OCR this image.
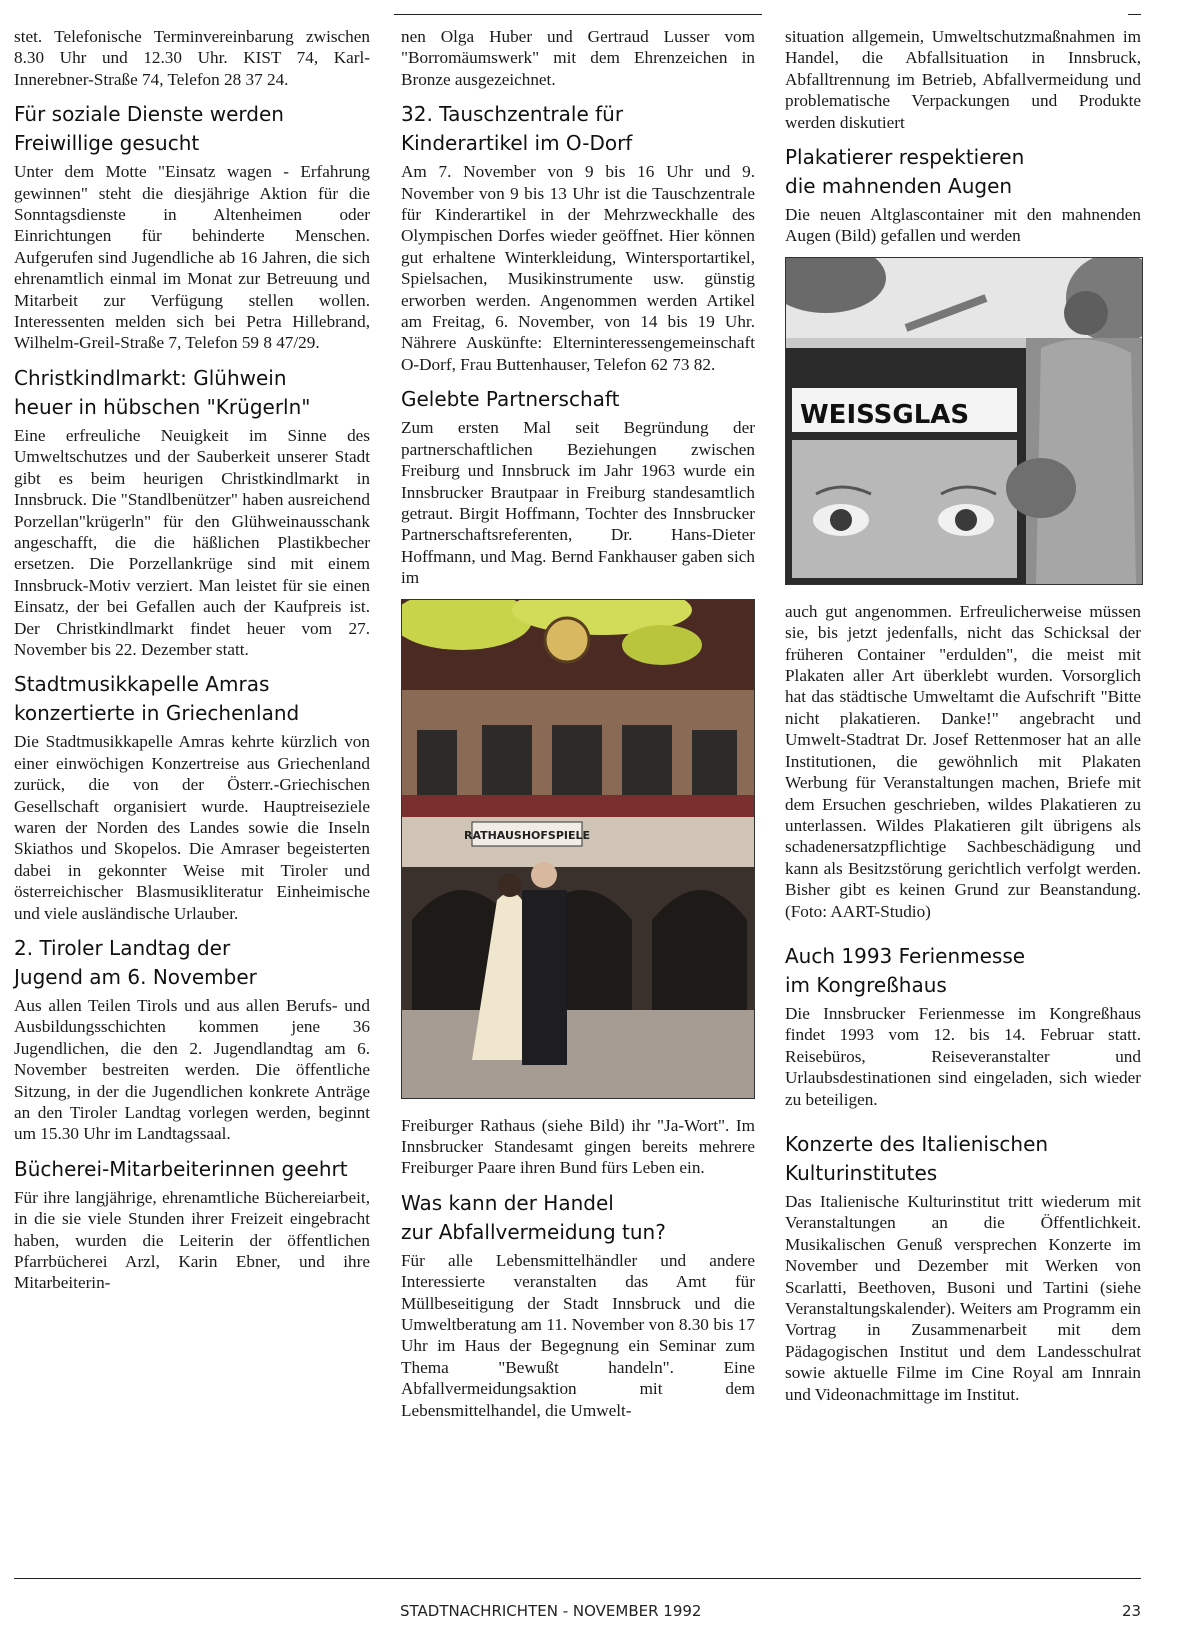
stet. Telefonische Terminvereinbarung zwischen 8.30 Uhr und 12.30 Uhr. KIST 74, Karl-Innerebner-Straße 74, Telefon 28 37 24.

Für soziale Dienste werden
Freiwillige gesucht

Unter dem Motte "Einsatz wagen - Erfahrung gewinnen" steht die diesjährige Aktion für die Sonntagsdienste in Altenheimen oder Einrichtungen für behinderte Menschen. Aufgerufen sind Jugendliche ab 16 Jahren, die sich ehrenamtlich einmal im Monat zur Betreuung und Mitarbeit zur Verfügung stellen wollen. Interessenten melden sich bei Petra Hillebrand, Wilhelm-Greil-Straße 7, Telefon 59 8 47/29.

Christkindlmarkt: Glühwein
heuer in hübschen "Krügerln"

Eine erfreuliche Neuigkeit im Sinne des Umweltschutzes und der Sauberkeit unserer Stadt gibt es beim heurigen Christkindlmarkt in Innsbruck. Die "Standlbenützer" haben ausreichend Porzellan"krügerln" für den Glühweinausschank angeschafft, die die häßlichen Plastikbecher ersetzen. Die Porzellankrüge sind mit einem Innsbruck-Motiv verziert. Man leistet für sie einen Einsatz, der bei Gefallen auch der Kaufpreis ist. Der Christkindlmarkt findet heuer vom 27. November bis 22. Dezember statt.

Stadtmusikkapelle Amras
konzertierte in Griechenland

Die Stadtmusikkapelle Amras kehrte kürzlich von einer einwöchigen Konzertreise aus Griechenland zurück, die von der Österr.-Griechischen Gesellschaft organisiert wurde. Hauptreiseziele waren der Norden des Landes sowie die Inseln Skiathos und Skopelos. Die Amraser begeisterten dabei in gekonnter Weise mit Tiroler und österreichischer Blasmusikliteratur Einheimische und viele ausländische Urlauber.

2. Tiroler Landtag der
Jugend am 6. November

Aus allen Teilen Tirols und aus allen Berufs- und Ausbildungsschichten kommen jene 36 Jugendlichen, die den 2. Jugendlandtag am 6. November bestreiten werden. Die öffentliche Sitzung, in der die Jugendlichen konkrete Anträge an den Tiroler Landtag vorlegen werden, beginnt um 15.30 Uhr im Landtagssaal.

Bücherei-Mitarbeiterinnen geehrt

Für ihre langjährige, ehrenamtliche Büchereiarbeit, in die sie viele Stunden ihrer Freizeit eingebracht haben, wurden die Leiterin der öffentlichen Pfarrbücherei Arzl, Karin Ebner, und ihre Mitarbeiterin-

nen Olga Huber und Gertraud Lusser vom "Borromäumswerk" mit dem Ehrenzeichen in Bronze ausgezeichnet.

32. Tauschzentrale für
Kinderartikel im O-Dorf

Am 7. November von 9 bis 16 Uhr und 9. November von 9 bis 13 Uhr ist die Tauschzentrale für Kinderartikel in der Mehrzweckhalle des Olympischen Dorfes wieder geöffnet. Hier können gut erhaltene Winterkleidung, Wintersportartikel, Spielsachen, Musikinstrumente usw. günstig erworben werden. Angenommen werden Artikel am Freitag, 6. November, von 14 bis 19 Uhr. Nährere Auskünfte: Elterninteressengemeinschaft O-Dorf, Frau Buttenhauser, Telefon 62 73 82.

Gelebte Partnerschaft

Zum ersten Mal seit Begründung der partnerschaftlichen Beziehungen zwischen Freiburg und Innsbruck im Jahr 1963 wurde ein Innsbrucker Brautpaar in Freiburg standesamtlich getraut. Birgit Hoffmann, Tochter des Innsbrucker Partnerschaftsreferenten, Dr. Hans-Dieter Hoffmann, und Mag. Bernd Fankhauser gaben sich im

RATHAUSHOFSPIELE

Freiburger Rathaus (siehe Bild) ihr "Ja-Wort". Im Innsbrucker Standesamt gingen bereits mehrere Freiburger Paare ihren Bund fürs Leben ein.

Was kann der Handel
zur Abfallvermeidung tun?

Für alle Lebensmittelhändler und andere Interessierte veranstalten das Amt für Müllbeseitigung der Stadt Innsbruck und die Umweltberatung am 11. November von 8.30 bis 17 Uhr im Haus der Begegnung ein Seminar zum Thema "Bewußt handeln". Eine Abfallvermeidungsaktion mit dem Lebensmittelhandel, die Umwelt-

situation allgemein, Umweltschutzmaßnahmen im Handel, die Abfallsituation in Innsbruck, Abfalltrennung im Betrieb, Abfallvermeidung und problematische Verpackungen und Produkte werden diskutiert

Plakatierer respektieren
die mahnenden Augen

Die neuen Altglascontainer mit den mahnenden Augen (Bild) gefallen und werden

WEISSGLAS

auch gut angenommen. Erfreulicherweise müssen sie, bis jetzt jedenfalls, nicht das Schicksal der früheren Container "erdulden", die meist mit Plakaten aller Art überklebt wurden. Vorsorglich hat das städtische Umweltamt die Aufschrift "Bitte nicht plakatieren. Danke!" angebracht und Umwelt-Stadtrat Dr. Josef Rettenmoser hat an alle Institutionen, die gewöhnlich mit Plakaten Werbung für Veranstaltungen machen, Briefe mit dem Ersuchen geschrieben, wildes Plakatieren zu unterlassen. Wildes Plakatieren gilt übrigens als schadenersatzpflichtige Sachbeschädigung und kann als Besitzstörung gerichtlich verfolgt werden. Bisher gibt es keinen Grund zur Beanstandung. (Foto: AART-Studio)

Auch 1993 Ferienmesse
im Kongreßhaus

Die Innsbrucker Ferienmesse im Kongreßhaus findet 1993 vom 12. bis 14. Februar statt. Reisebüros, Reiseveranstalter und Urlaubsdestinationen sind eingeladen, sich wieder zu beteiligen.

Konzerte des Italienischen
Kulturinstitutes

Das Italienische Kulturinstitut tritt wiederum mit Veranstaltungen an die Öffentlichkeit. Musikalischen Genuß versprechen Konzerte im November und Dezember mit Werken von Scarlatti, Beethoven, Busoni und Tartini (siehe Veranstaltungskalender). Weiters am Programm ein Vortrag in Zusammenarbeit mit dem Pädagogischen Institut und dem Landesschulrat sowie aktuelle Filme im Cine Royal am Innrain und Videonachmittage im Institut.

STADTNACHRICHTEN - NOVEMBER 1992	23
